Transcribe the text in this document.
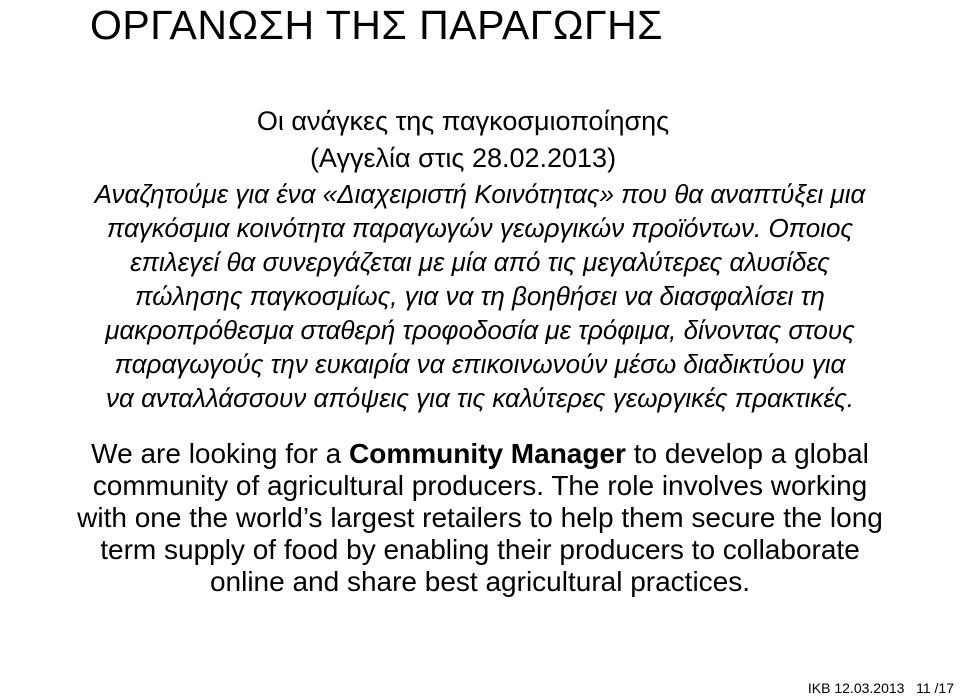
ΟΡΓΑΝΩΣΗ ΤΗΣ ΠΑΡΑΓΩΓΗΣ
Οι ανάγκες της παγκοσμιοποίησης
(Αγγελία στις 28.02.2013)
Αναζητούμε για ένα «Διαχειριστή Κοινότητας» που θα αναπτύξει μια
παγκόσμια κοινότητα παραγωγών γεωργικών προϊόντων. Οποιος
επιλεγεί θα συνεργάζεται με μία από τις μεγαλύτερες αλυσίδες
πώλησης παγκοσμίως, για να τη βοηθήσει να διασφαλίσει τη
μακροπρόθεσμα σταθερή τροφοδοσία με τρόφιμα, δίνοντας στους
παραγωγούς την ευκαιρία να επικοινωνούν μέσω διαδικτύου για
να ανταλλάσσουν απόψεις για τις καλύτερες γεωργικές πρακτικές.
We are looking for a Community Manager to develop a global
community of agricultural producers. The role involves working
with one the world’s largest retailers to help them secure the long
term supply of food by enabling their producers to collaborate
online and share best agricultural practices.
IKB 12.03.2013 11 /17
